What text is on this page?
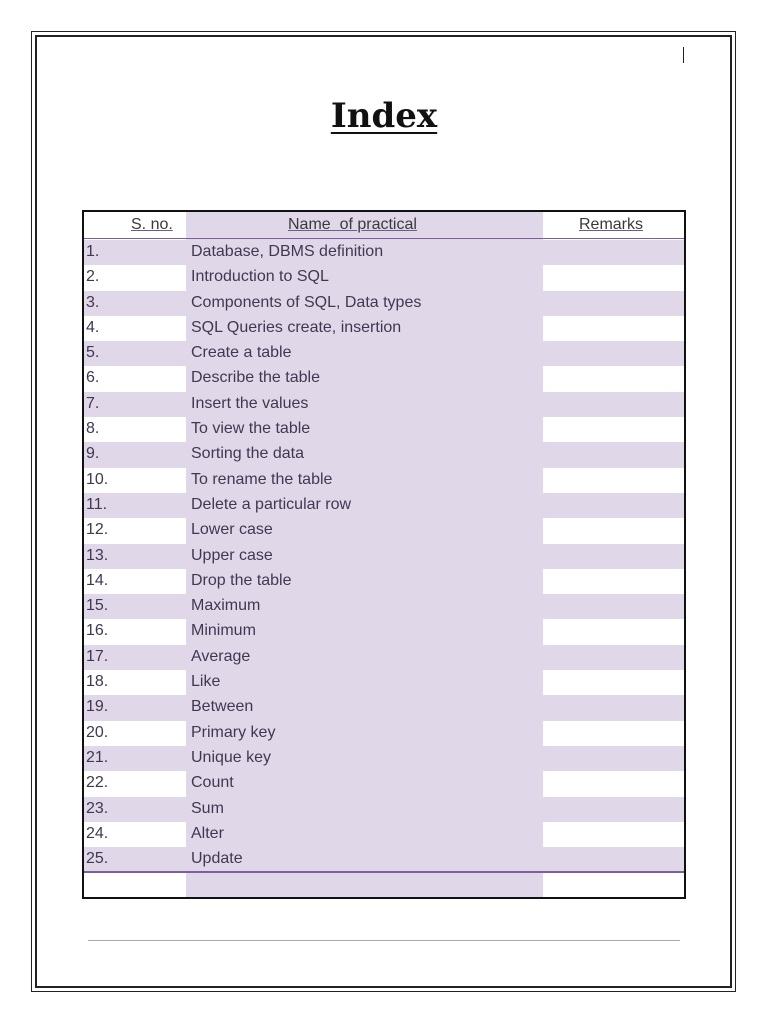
Index
S. no.	Name  of practical	Remarks
1.	Database, DBMS definition
2.	Introduction to SQL
3.	Components of SQL, Data types
4.	SQL Queries create, insertion
5.	Create a table
6.	Describe the table
7.	Insert the values
8.	To view the table
9.	Sorting the data
10.	To rename the table
11.	Delete a particular row
12.	Lower case
13.	Upper case
14.	Drop the table
15.	Maximum
16.	Minimum
17.	Average
18.	Like
19.	Between
20.	Primary key
21.	Unique key
22.	Count
23.	Sum
24.	Alter
25.	Update
